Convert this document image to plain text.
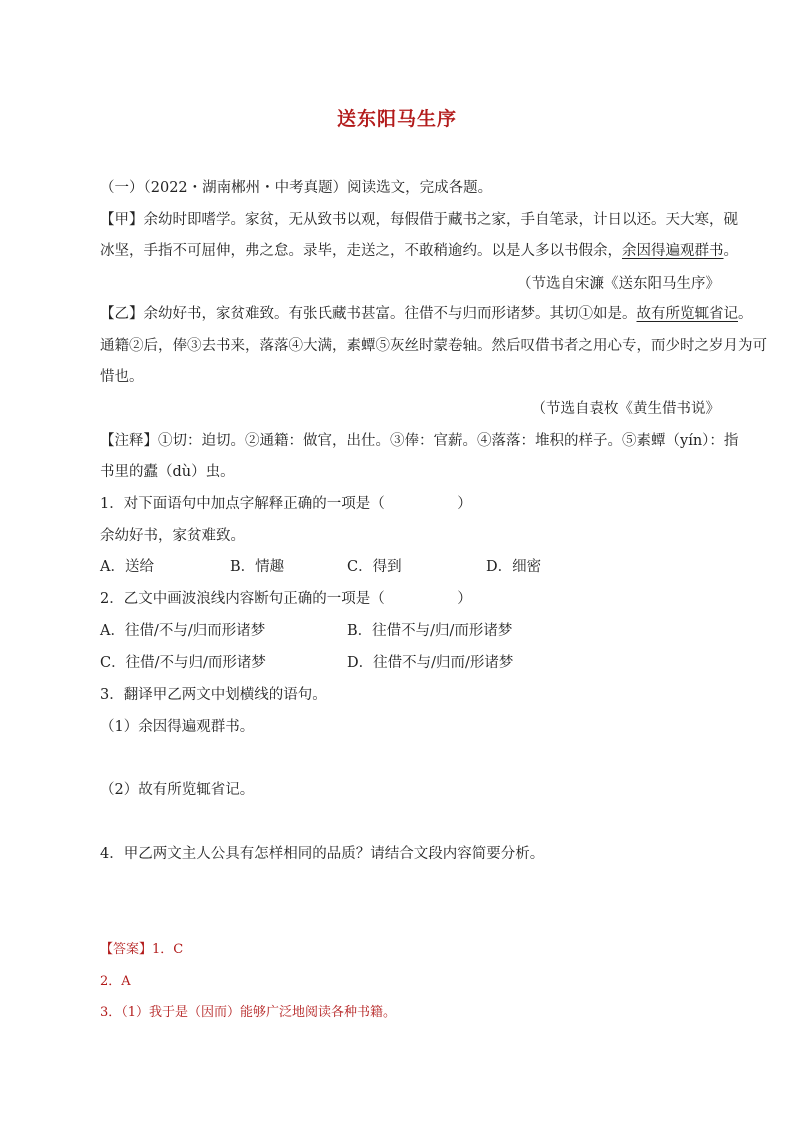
送东阳马生序
（一）（2022・湖南郴州・中考真题）阅读选文，完成各题。
【甲】余幼时即嗜学。家贫，无从致书以观，每假借于藏书之家，手自笔录，计日以还。天大寒，砚
冰坚，手指不可屈伸，弗之怠。录毕，走送之，不敢稍逾约。以是人多以书假余，余因得遍观群书。
（节选自宋濂《送东阳马生序》
【乙】余幼好书，家贫难致。有张氏藏书甚富。往借不与归而形诸梦。其切①如是。故有所览辄省记。
通籍②后，俸③去书来，落落④大满，素蟫⑤灰丝时蒙卷轴。然后叹借书者之用心专，而少时之岁月为可
惜也。
（节选自袁枚《黄生借书说》
【注释】①切：迫切。②通籍：做官，出仕。③俸：官薪。④落落：堆积的样子。⑤素蟫（yín）：指
书里的蠹（dù）虫。
1．对下面语句中加点字解释正确的一项是（　　　　　）
余幼好书，家贫难致。
A．送给	B．情趣	C．得到	D．细密
2．乙文中画波浪线内容断句正确的一项是（　　　　　）
A．往借/不与/归而形诸梦	B．往借不与/归/而形诸梦
C．往借/不与归/而形诸梦	D．往借不与/归而/形诸梦
3．翻译甲乙两文中划横线的语句。
（1）余因得遍观群书。
（2）故有所览辄省记。
4．甲乙两文主人公具有怎样相同的品质？请结合文段内容简要分析。
【答案】1．C
2．A
3．（1）我于是（因而）能够广泛地阅读各种书籍。
